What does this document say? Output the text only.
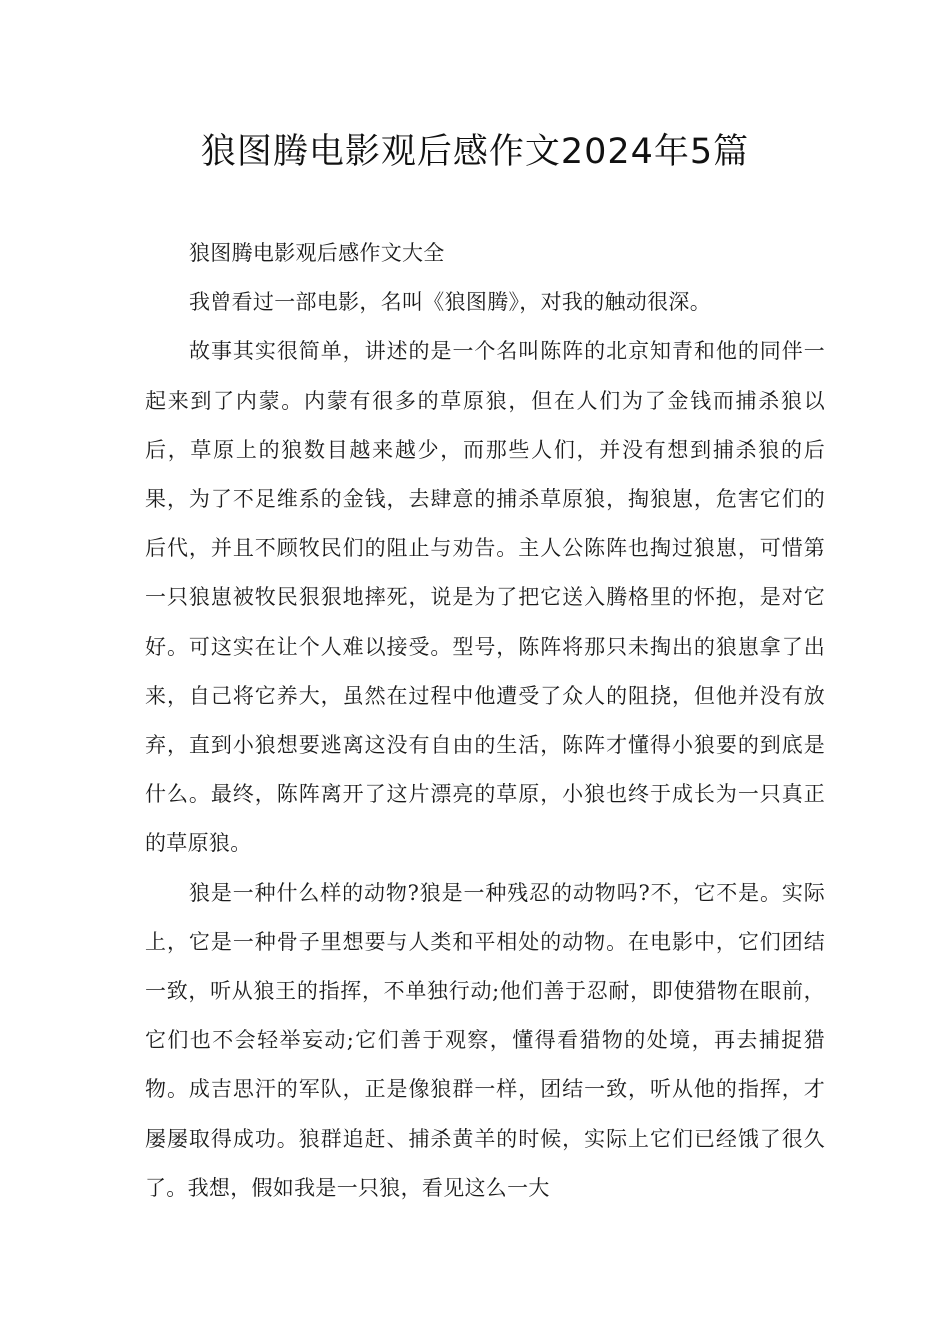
狼图腾电影观后感作文2024年5篇

狼图腾电影观后感作文大全

我曾看过一部电影，名叫《狼图腾》，对我的触动很深。

故事其实很简单，讲述的是一个名叫陈阵的北京知青和他的同伴一起来到了内蒙。内蒙有很多的草原狼，但在人们为了金钱而捕杀狼以后，草原上的狼数目越来越少，而那些人们，并没有想到捕杀狼的后果，为了不足维系的金钱，去肆意的捕杀草原狼，掏狼崽，危害它们的后代，并且不顾牧民们的阻止与劝告。主人公陈阵也掏过狼崽，可惜第一只狼崽被牧民狠狠地摔死，说是为了把它送入腾格里的怀抱，是对它好。可这实在让个人难以接受。型号，陈阵将那只未掏出的狼崽拿了出来，自己将它养大，虽然在过程中他遭受了众人的阻挠，但他并没有放弃，直到小狼想要逃离这没有自由的生活，陈阵才懂得小狼要的到底是什么。最终，陈阵离开了这片漂亮的草原，小狼也终于成长为一只真正的草原狼。

狼是一种什么样的动物?狼是一种残忍的动物吗?不，它不是。实际上，它是一种骨子里想要与人类和平相处的动物。在电影中，它们团结一致，听从狼王的指挥，不单独行动;他们善于忍耐，即使猎物在眼前，它们也不会轻举妄动;它们善于观察，懂得看猎物的处境，再去捕捉猎物。成吉思汗的军队，正是像狼群一样，团结一致，听从他的指挥，才屡屡取得成功。狼群追赶、捕杀黄羊的时候，实际上它们已经饿了很久了。我想，假如我是一只狼，看见这么一大
